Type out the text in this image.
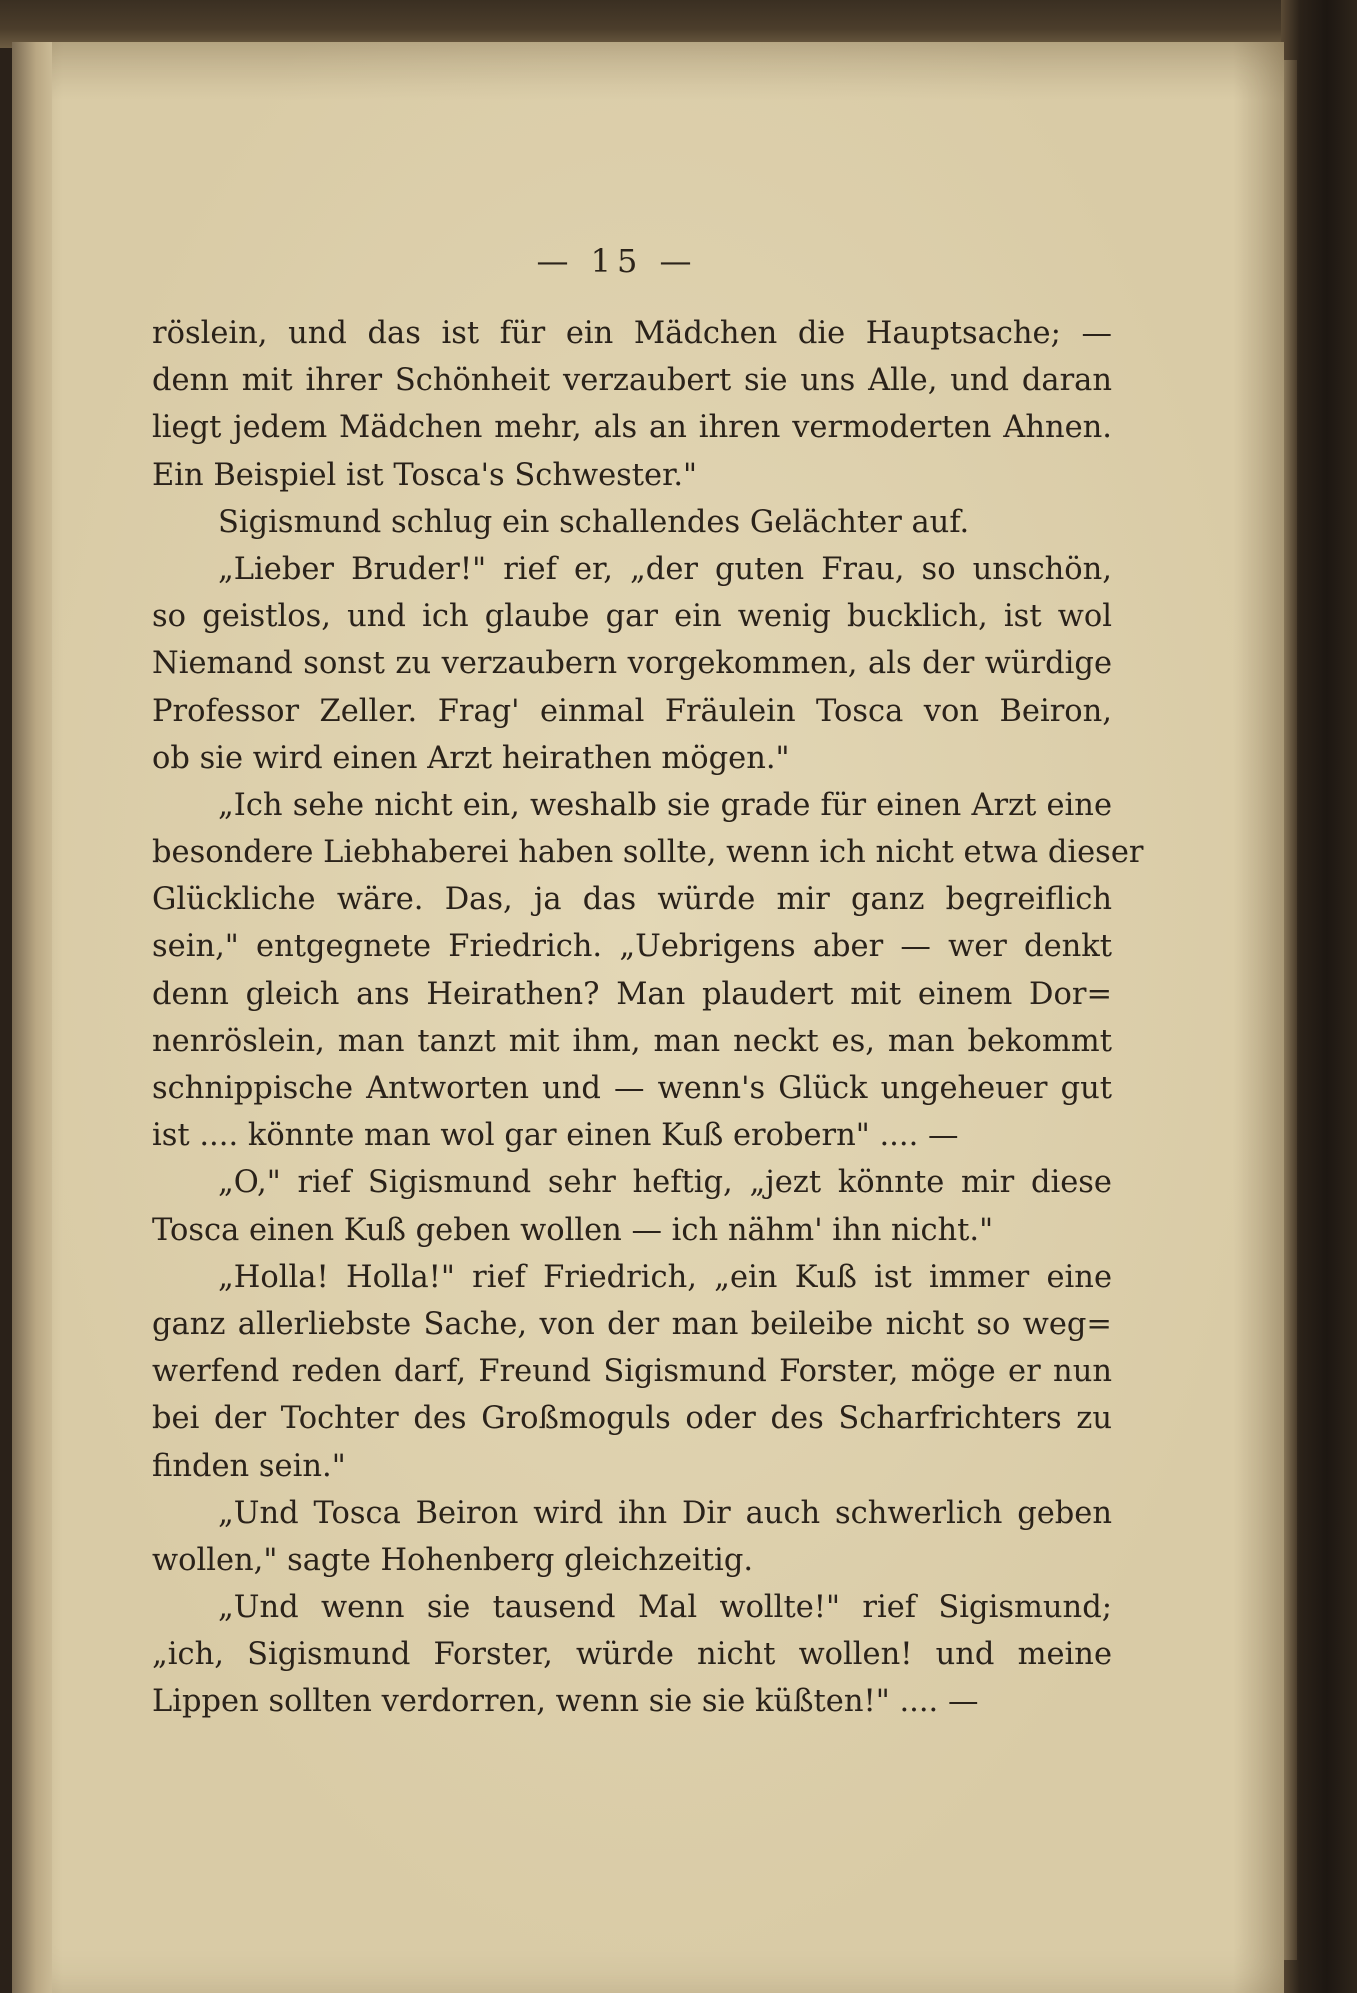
— 15 —
röslein, und das ist für ein Mädchen die Hauptsache; —
denn mit ihrer Schönheit verzaubert sie uns Alle, und daran
liegt jedem Mädchen mehr, als an ihren vermoderten Ahnen.
Ein Beispiel ist Tosca's Schwester."
Sigismund schlug ein schallendes Gelächter auf.
„Lieber Bruder!" rief er, „der guten Frau, so unschön,
so geistlos, und ich glaube gar ein wenig bucklich, ist wol
Niemand sonst zu verzaubern vorgekommen, als der würdige
Professor Zeller. Frag' einmal Fräulein Tosca von Beiron,
ob sie wird einen Arzt heirathen mögen."
„Ich sehe nicht ein, weshalb sie grade für einen Arzt eine
besondere Liebhaberei haben sollte, wenn ich nicht etwa dieser
Glückliche wäre. Das, ja das würde mir ganz begreiflich
sein," entgegnete Friedrich. „Uebrigens aber — wer denkt
denn gleich ans Heirathen? Man plaudert mit einem Dor=
nenröslein, man tanzt mit ihm, man neckt es, man bekommt
schnippische Antworten und — wenn's Glück ungeheuer gut
ist .... könnte man wol gar einen Kuß erobern" .... —
„O," rief Sigismund sehr heftig, „jezt könnte mir diese
Tosca einen Kuß geben wollen — ich nähm' ihn nicht."
„Holla! Holla!" rief Friedrich, „ein Kuß ist immer eine
ganz allerliebste Sache, von der man beileibe nicht so weg=
werfend reden darf, Freund Sigismund Forster, möge er nun
bei der Tochter des Großmoguls oder des Scharfrichters zu
finden sein."
„Und Tosca Beiron wird ihn Dir auch schwerlich geben
wollen," sagte Hohenberg gleichzeitig.
„Und wenn sie tausend Mal wollte!" rief Sigismund;
„ich, Sigismund Forster, würde nicht wollen! und meine
Lippen sollten verdorren, wenn sie sie küßten!" .... —
